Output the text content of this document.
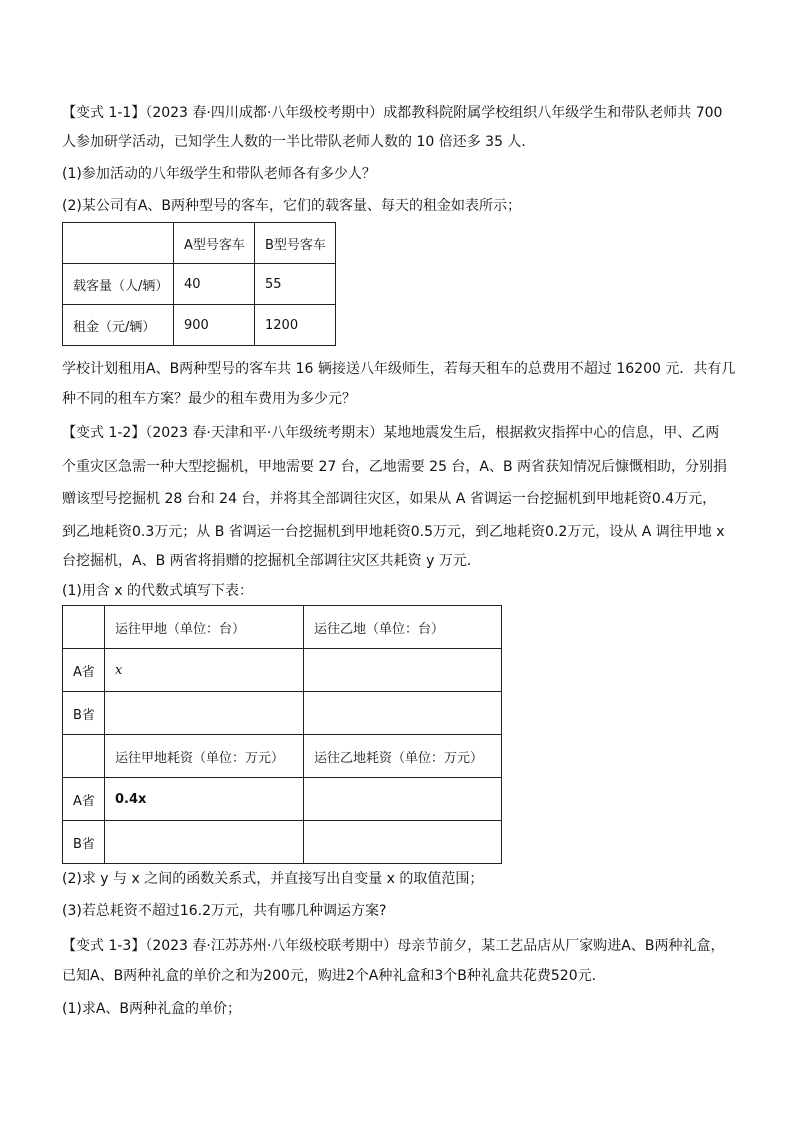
【变式 1-1】（2023 春·四川成都·八年级校考期中）成都教科院附属学校组织八年级学生和带队老师共 700
人参加研学活动，已知学生人数的一半比带队老师人数的 10 倍还多 35 人．
(1)参加活动的八年级学生和带队老师各有多少人？
(2)某公司有A、B两种型号的客车，它们的载客量、每天的租金如表所示；
	A型号客车	B型号客车
载客量（人/辆）	40	55
租金（元/辆）	900	1200
学校计划租用A、B两种型号的客车共 16 辆接送八年级师生，若每天租车的总费用不超过 16200 元．共有几
种不同的租车方案？最少的租车费用为多少元？
【变式 1-2】（2023 春·天津和平·八年级统考期末）某地地震发生后，根据救灾指挥中心的信息，甲、乙两
个重灾区急需一种大型挖掘机，甲地需要 27 台，乙地需要 25 台，A、B 两省获知情况后慷慨相助，分别捐
赠该型号挖掘机 28 台和 24 台，并将其全部调往灾区，如果从 A 省调运一台挖掘机到甲地耗资0.4万元，
到乙地耗资0.3万元；从 B 省调运一台挖掘机到甲地耗资0.5万元，到乙地耗资0.2万元，设从 A 调往甲地 x
台挖掘机，A、B 两省将捐赠的挖掘机全部调往灾区共耗资 y 万元．
(1)用含 x 的代数式填写下表：
	运往甲地（单位：台）	运往乙地（单位：台）
A省	x	
B省		
	运往甲地耗资（单位：万元）	运往乙地耗资（单位：万元）
A省	0.4x	
B省		
(2)求 y 与 x 之间的函数关系式，并直接写出自变量 x 的取值范围；
(3)若总耗资不超过16.2万元，共有哪几种调运方案?
【变式 1-3】（2023 春·江苏苏州·八年级校联考期中）母亲节前夕，某工艺品店从厂家购进A、B两种礼盒，
已知A、B两种礼盒的单价之和为200元，购进2个A种礼盒和3个B种礼盒共花费520元．
(1)求A、B两种礼盒的单价；
